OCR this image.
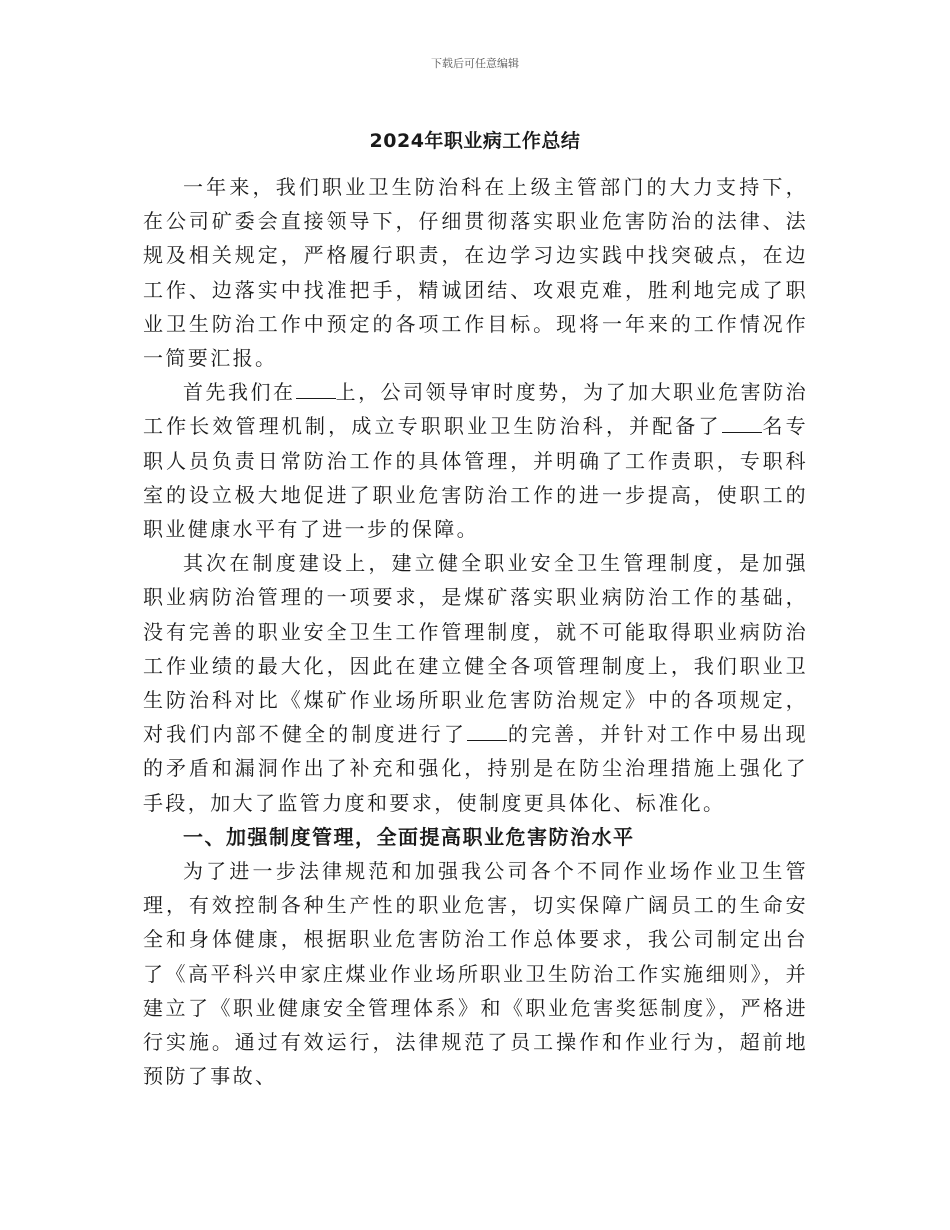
下载后可任意编辑
2024年职业病工作总结

一年来，我们职业卫生防治科在上级主管部门的大力支持下，在公司矿委会直接领导下，仔细贯彻落实职业危害防治的法律、法规及相关规定，严格履行职责，在边学习边实践中找突破点，在边工作、边落实中找准把手，精诚团结、攻艰克难，胜利地完成了职业卫生防治工作中预定的各项工作目标。现将一年来的工作情况作一简要汇报。

首先我们在 上，公司领导审时度势，为了加大职业危害防治工作长效管理机制，成立专职职业卫生防治科，并配备了 名专职人员负责日常防治工作的具体管理，并明确了工作责职，专职科室的设立极大地促进了职业危害防治工作的进一步提高，使职工的职业健康水平有了进一步的保障。

其次在制度建设上，建立健全职业安全卫生管理制度，是加强职业病防治管理的一项要求，是煤矿落实职业病防治工作的基础，没有完善的职业安全卫生工作管理制度，就不可能取得职业病防治工作业绩的最大化，因此在建立健全各项管理制度上，我们职业卫生防治科对比《煤矿作业场所职业危害防治规定》中的各项规定，对我们内部不健全的制度进行了 的完善，并针对工作中易出现的矛盾和漏洞作出了补充和强化，持别是在防尘治理措施上强化了手段，加大了监管力度和要求，使制度更具体化、标准化。

一、加强制度管理，全面提高职业危害防治水平

为了进一步法律规范和加强我公司各个不同作业场作业卫生管理，有效控制各种生产性的职业危害，切实保障广阔员工的生命安全和身体健康，根据职业危害防治工作总体要求，我公司制定出台了《高平科兴申家庄煤业作业场所职业卫生防治工作实施细则》，并建立了《职业健康安全管理体系》和《职业危害奖惩制度》，严格进行实施。通过有效运行，法律规范了员工操作和作业行为，超前地预防了事故、
